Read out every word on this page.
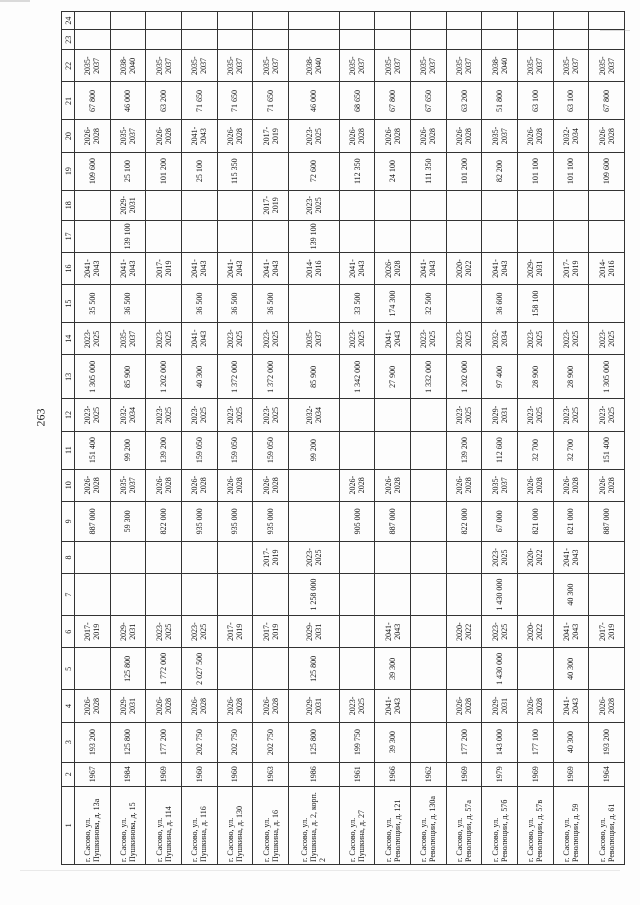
263
1	2	3	4	5	6	7	8	9	10	11	12	13	14	15	16	17	18	19	20	21	22	23	24
г. Сасово, ул. Пушкинова, д. 13а	1967	193 200	2026-2028		2017-2019			887 000	2026-2028	151 400	2023-2025	1 305 000	2023-2025	35 500	2041-2043			109 600	2026-2028	67 800	2035-2037		
г. Сасово, ул. Пушкинова, д. 15	1984	125 800	2029-2031	125 800	2029-2031			59 300	2035-2037	99 200	2032-2034	85 900	2035-2037	36 500	2041-2043	139 100	2029-2031	25 100	2035-2037	46 000	2038-2040		
г. Сасово, ул. Пушкина, д. 114	1969	177 200	2026-2028	1 772 000	2023-2025			822 000	2026-2028	139 200	2023-2025	1 202 000	2023-2025		2017-2019			101 200	2026-2028	63 200	2035-2037		
г. Сасово, ул. Пушкина, д. 116	1960	202 750	2026-2028	2 027 500	2023-2025			935 000	2026-2028	159 050	2023-2025	40 300	2041-2043	36 500	2041-2043			25 100	2041-2043	71 650	2035-2037		
г. Сасово, ул. Пушкина, д. 130	1960	202 750	2026-2028		2017-2019			935 000	2026-2028	159 050	2023-2025	1 372 000	2023-2025	36 500	2041-2043			115 350	2026-2028	71 650	2035-2037		
г. Сасово, ул. Пушкина, д. 16	1963	202 750	2026-2028		2017-2019		2017-2019	935 000	2026-2028	159 050	2023-2025	1 372 000	2023-2025	36 500	2041-2043		2017-2019		2017-2019	71 650	2035-2037		
г. Сасово, ул. Пушкина, д. 2, корп. 2	1986	125 800	2029-2031	125 800	2029-2031	1 258 000	2023-2025			99 200	2032-2034	85 900	2035-2037		2014-2016	139 100	2023-2025	72 600	2023-2025	46 000	2038-2040		
г. Сасово, ул. Пушкина, д. 27	1961	199 750	2023-2025					905 000	2026-2028			1 342 000	2023-2025	33 500	2041-2043			112 350	2026-2028	68 650	2035-2037		
г. Сасово, ул. Революции, д. 121	1966	39 300	2041-2043	39 300	2041-2043			887 000	2026-2028			27 900	2041-2043	174 300	2026-2028			24 100	2026-2028	67 800	2035-2037		
г. Сасово, ул. Революции, д. 130а	1962											1 332 000	2023-2025	32 500	2041-2043			111 350	2026-2028	67 650	2035-2037		
г. Сасово, ул. Революции, д. 57а	1969	177 200	2026-2028		2020-2022			822 000	2026-2028	139 200	2023-2025	1 202 000	2023-2025		2020-2022			101 200	2026-2028	63 200	2035-2037		
г. Сасово, ул. Революции, д. 57б	1979	143 000	2029-2031	1 430 000	2023-2025	1 430 000	2023-2025	67 000	2035-2037	112 600	2029-2031	97 400	2032-2034	36 600	2041-2043			82 200	2035-2037	51 800	2038-2040		
г. Сасово, ул. Революции, д. 57в	1969	177 100	2026-2028		2020-2022		2020-2022	821 000	2026-2028	32 700	2023-2025	28 900	2023-2025	158 100	2029-2031			101 100	2026-2028	63 100	2035-2037		
г. Сасово, ул. Революции, д. 59	1969	40 300	2041-2043	40 300	2041-2043	40 300	2041-2043	821 000	2026-2028	32 700	2023-2025	28 900	2023-2025		2017-2019			101 100	2032-2034	63 100	2035-2037		
г. Сасово, ул. Революции, д. 61	1964	193 200	2026-2028		2017-2019			887 000	2026-2028	151 400	2023-2025	1 305 000	2023-2025		2014-2016			109 600	2026-2028	67 800	2035-2037		
